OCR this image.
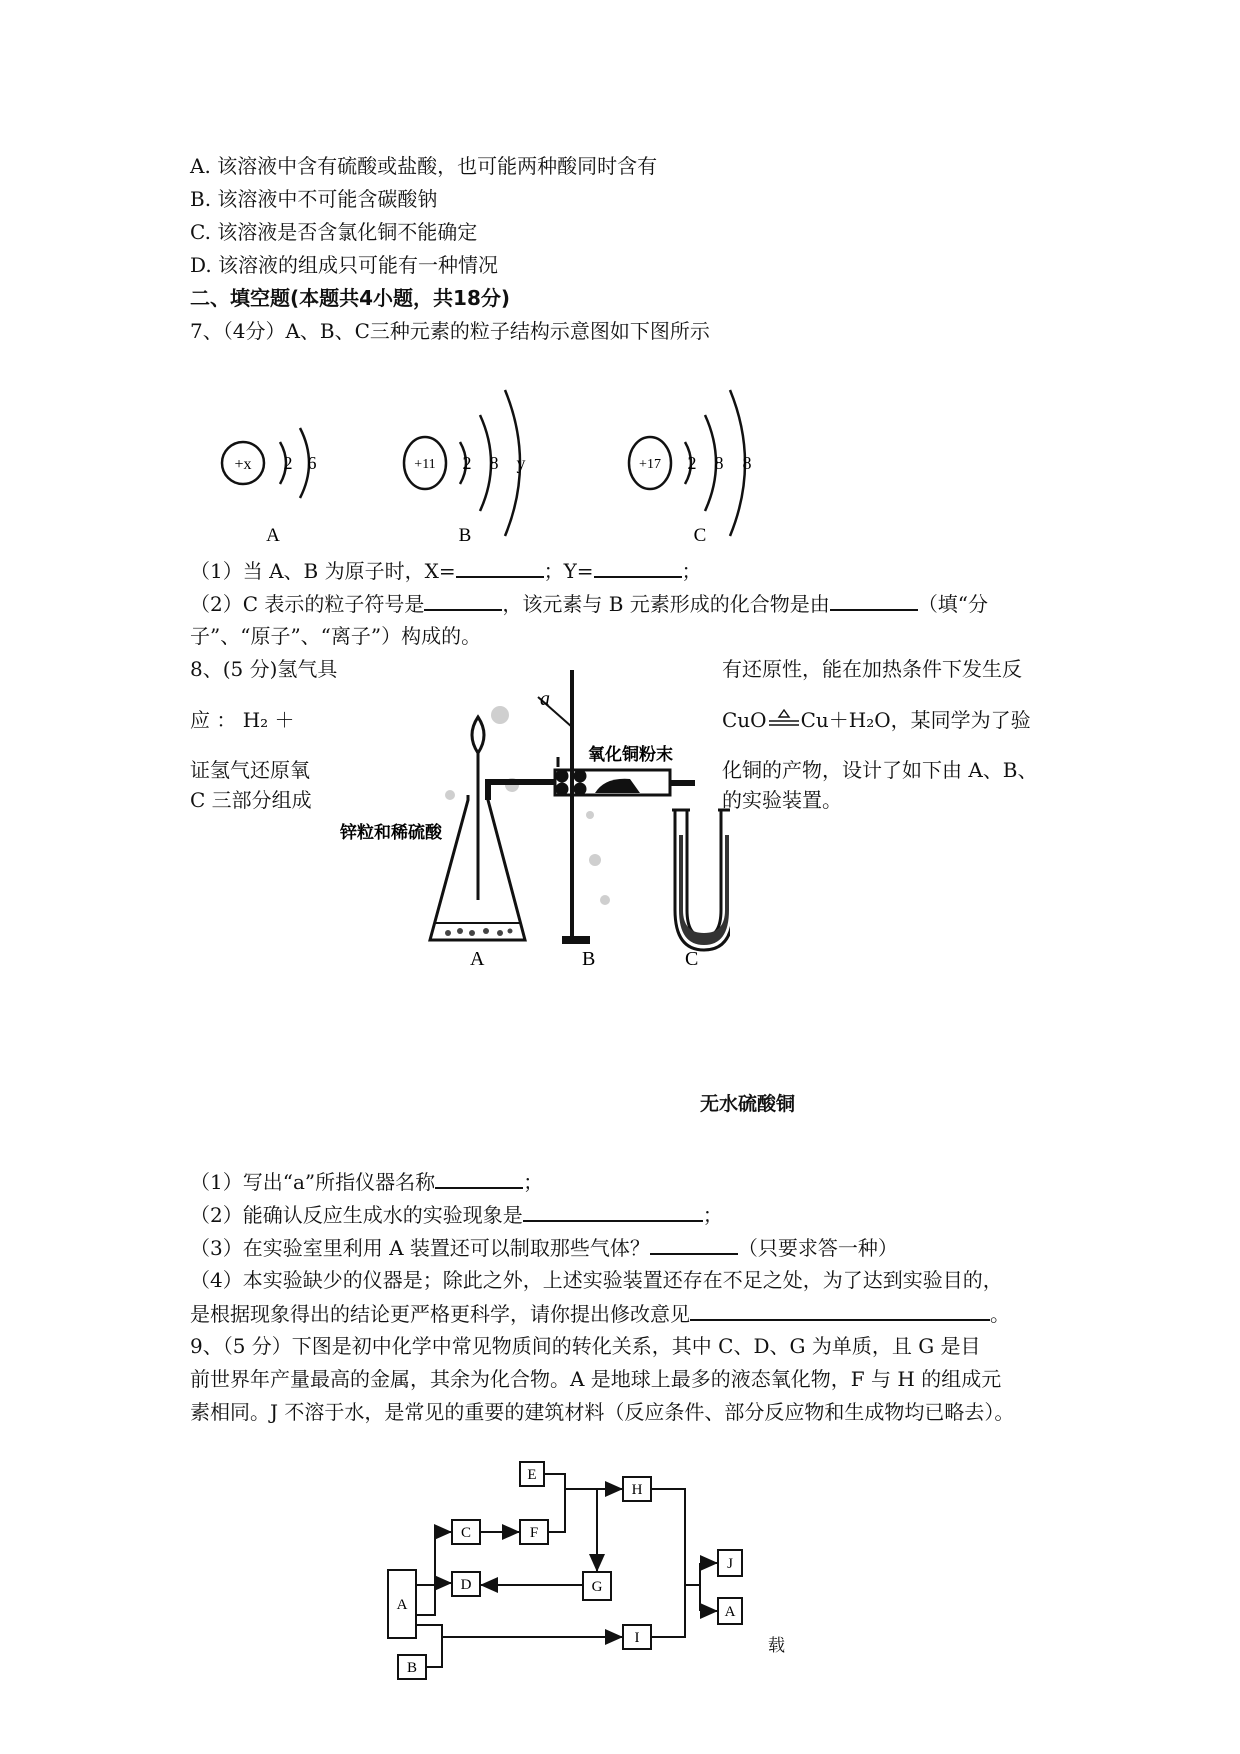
A. 该溶液中含有硫酸或盐酸，也可能两种酸同时含有
B. 该溶液中不可能含碳酸钠
C. 该溶液是否含氯化铜不能确定
D. 该溶液的组成只可能有一种情况
二、填空题(本题共4小题，共18分)
7、（4分）A、B、C三种元素的粒子结构示意图如下图所示
+x 2 6
A
+11 2 8 y
B
+17 2 8 8
C
（1）当 A、B 为原子时，X=	；Y=	；
（2）C 表示的粒子符号是	，该元素与 B 元素形成的化合物是由	（填“分
子”、“原子”、“离子”）构成的。
8、(5 分)氢气具
应 ： H₂ ＋
证氢气还原氧
C 三部分组成
有还原性，能在加热条件下发生反
CuO Cu＋H₂O，某同学为了验
化铜的产物，设计了如下由 A、B、
的实验装置。
a
锌粒和稀硫酸
氧化铜粉末
A	B	C
无水硫酸铜
（1）写出“a”所指仪器名称	；
（2）能确认反应生成水的实验现象是	；
（3）在实验室里利用 A 装置还可以制取那些气体？	（只要求答一种）
（4）本实验缺少的仪器是；除此之外，上述实验装置还存在不足之处，为了达到实验目的，
是根据现象得出的结论更严格更科学，请你提出修改意见	。
9、（5 分）下图是初中化学中常见物质间的转化关系，其中 C、D、G 为单质，且 G 是目
前世界年产量最高的金属，其余为化合物。A 是地球上最多的液态氧化物，F 与 H 的组成元
素相同。J 不溶于水，是常见的重要的建筑材料（反应条件、部分反应物和生成物均已略去）。
A
B
C
D
E
F
G
H
I
J
A
载
